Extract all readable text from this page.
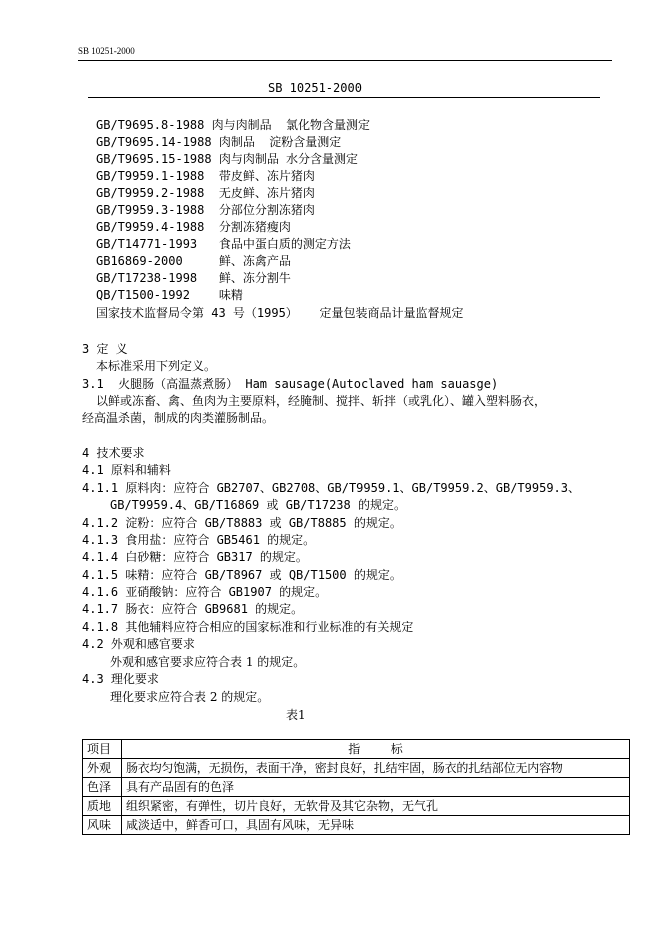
SB 10251-2000
SB 10251-2000
GB/T9695.8-1988 肉与肉制品  氯化物含量测定
GB/T9695.14-1988 肉制品  淀粉含量测定
GB/T9695.15-1988 肉与肉制品 水分含量测定
GB/T9959.1-1988  带皮鲜、冻片猪肉
GB/T9959.2-1988  无皮鲜、冻片猪肉
GB/T9959.3-1988  分部位分割冻猪肉
GB/T9959.4-1988  分割冻猪瘦肉
GB/T14771-1993   食品中蛋白质的测定方法
GB16869-2000     鲜、冻禽产品
GB/T17238-1998   鲜、冻分割牛
QB/T1500-1992    味精
国家技术监督局令第 43 号（1995）   定量包装商品计量监督规定
3 定 义
本标准采用下列定义。
3.1  火腿肠（高温蒸煮肠） Ham sausage(Autoclaved ham sauasge)
以鲜或冻畜、禽、鱼肉为主要原料，经腌制、搅拌、斩拌（或乳化）、罐入塑料肠衣，
经高温杀菌，制成的肉类灌肠制品。
4 技术要求
4.1 原料和辅料
4.1.1 原料肉：应符合 GB2707、GB2708、GB/T9959.1、GB/T9959.2、GB/T9959.3、
GB/T9959.4、GB/T16869 或 GB/T17238 的规定。
4.1.2 淀粉：应符合 GB/T8883 或 GB/T8885 的规定。
4.1.3 食用盐：应符合 GB5461 的规定。
4.1.4 白砂糖：应符合 GB317 的规定。
4.1.5 味精：应符合 GB/T8967 或 QB/T1500 的规定。
4.1.6 亚硝酸钠：应符合 GB1907 的规定。
4.1.7 肠衣：应符合 GB9681 的规定。
4.1.8 其他辅料应符合相应的国家标准和行业标准的有关规定
4.2 外观和感官要求
外观和感官要求应符合表 1 的规定。
4.3 理化要求
理化要求应符合表 2 的规定。
表1
项目	指        标
外观	肠衣均匀饱满，无损伤，表面干净，密封良好，扎结牢固，肠衣的扎结部位无内容物
色泽	具有产品固有的色泽
质地	组织紧密，有弹性，切片良好，无软骨及其它杂物，无气孔
风味	咸淡适中，鲜香可口，具固有风味，无异味
